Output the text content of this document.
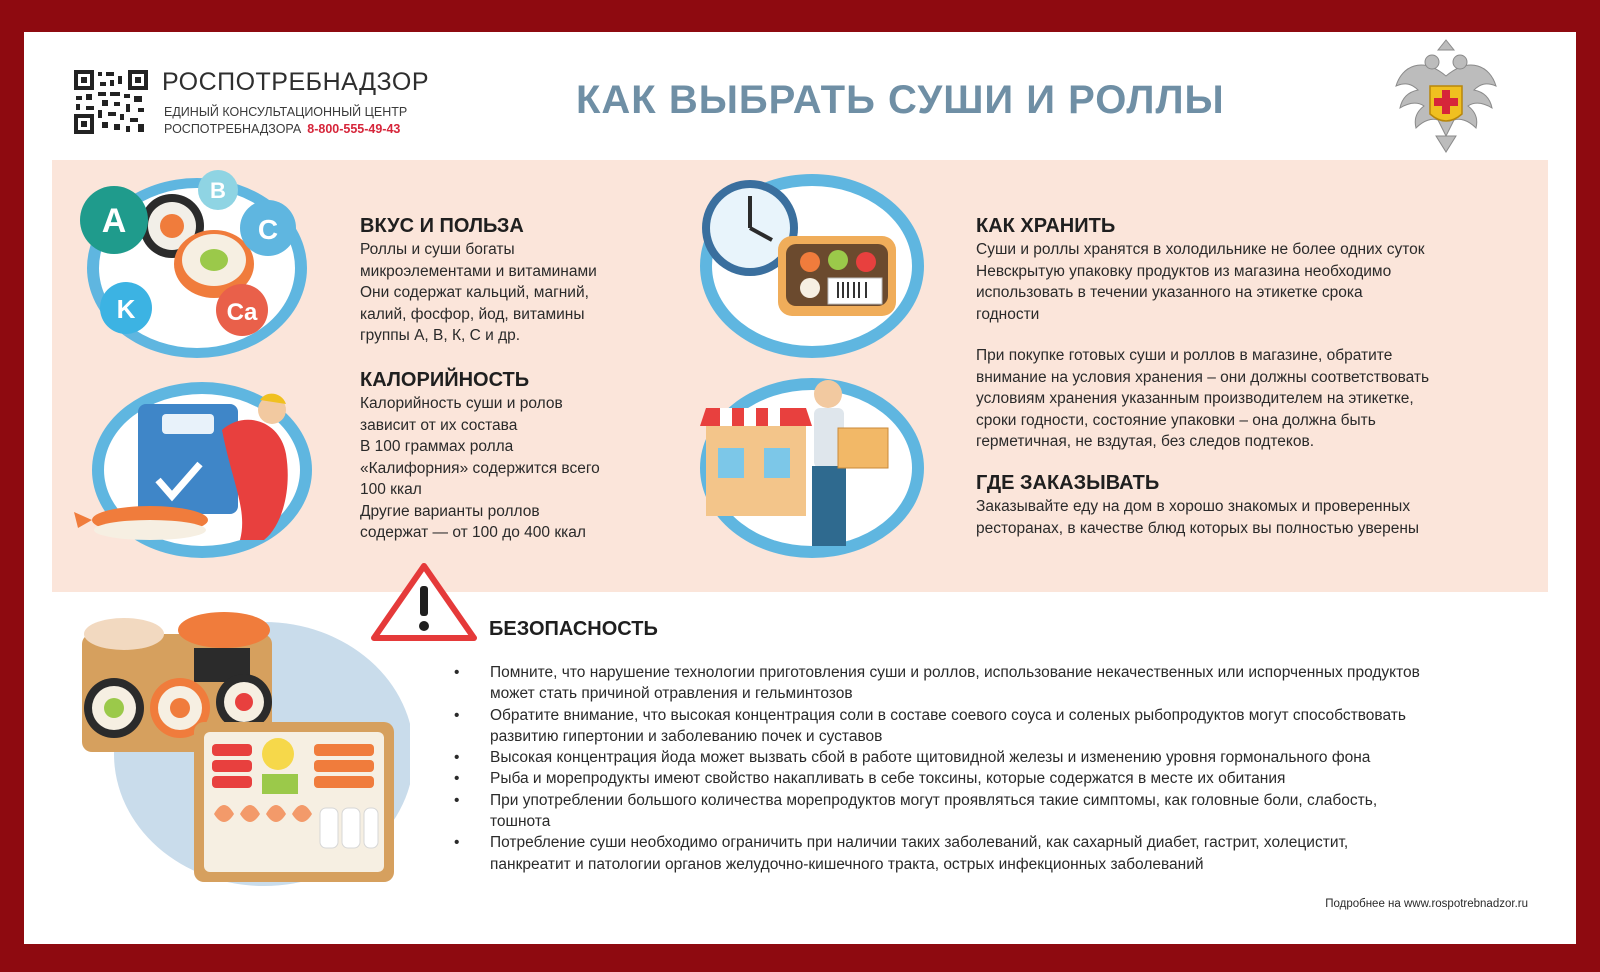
РОСПОТРЕБНАДЗОР
ЕДИНЫЙ КОНСУЛЬТАЦИОННЫЙ ЦЕНТР
РОСПОТРЕБНАДЗОРА 8-800-555-49-43
КАК ВЫБРАТЬ СУШИ И РОЛЛЫ
A
B
C
K	Ca
ВКУС И ПОЛЬЗА
Роллы и суши богаты
микроэлементами и витаминами
Они содержат кальций, магний,
калий, фосфор, йод, витамины
группы А, В, К, С и др.
КАЛОРИЙНОСТЬ
Калорийность суши и ролов
зависит от их состава
В 100 граммах ролла
«Калифорния» содержится всего
100 ккал
Другие варианты роллов
содержат — от 100 до 400 ккал
КАК ХРАНИТЬ
Суши и роллы хранятся в холодильнике не более одних суток
Невскрытую упаковку продуктов из магазина необходимо
использовать в течении указанного на этикетке срока
годности
При покупке готовых суши и роллов в магазине, обратите
внимание на условия хранения – они должны соответствовать
условиям хранения указанным производителем на этикетке,
сроки годности, состояние упаковки – она должна быть
герметичная, не вздутая, без следов подтеков.
ГДЕ ЗАКАЗЫВАТЬ
Заказывайте еду на дом в хорошо знакомых и проверенных
ресторанах, в качестве блюд которых вы полностью уверены
БЕЗОПАСНОСТЬ
• Помните, что нарушение технологии приготовления суши и роллов, использование некачественных или испорченных продуктов
может стать причиной отравления и гельминтозов
• Обратите внимание, что высокая концентрация соли в составе соевого соуса и соленых рыбопродуктов могут способствовать
развитию гипертонии и заболеванию почек и суставов
• Высокая концентрация йода может вызвать сбой в работе щитовидной железы и изменению уровня гормонального фона
• Рыба и морепродукты имеют свойство накапливать в себе токсины, которые содержатся в месте их обитания
• При употреблении большого количества морепродуктов могут проявляться такие симптомы, как головные боли, слабость,
тошнота
• Потребление суши необходимо ограничить при наличии таких заболеваний, как сахарный диабет, гастрит, холецистит,
панкреатит и патологии органов желудочно-кишечного тракта, острых инфекционных заболеваний
Подробнее на www.rospotrebnadzor.ru
